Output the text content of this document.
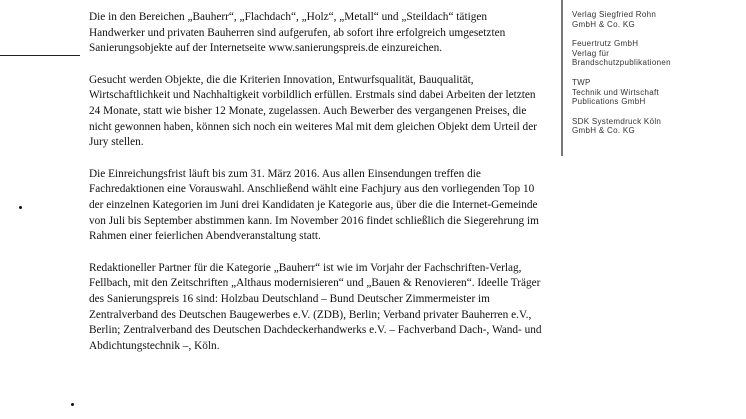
Die in den Bereichen „Bauherr“, „Flachdach“, „Holz“, „Metall“ und „Steildach“ tätigen Handwerker und privaten Bauherren sind aufgerufen, ab sofort ihre erfolgreich umgesetzten Sanierungsobjekte auf der Internetseite www.sanierungspreis.de einzureichen.

Gesucht werden Objekte, die die Kriterien Innovation, Entwurfsqualität, Bauqualität, Wirtschaftlichkeit und Nachhaltigkeit vorbildlich erfüllen. Erstmals sind dabei Arbeiten der letzten 24 Monate, statt wie bisher 12 Monate, zugelassen. Auch Bewerber des vergangenen Preises, die nicht gewonnen haben, können sich noch ein weiteres Mal mit dem gleichen Objekt dem Urteil der Jury stellen.

Die Einreichungsfrist läuft bis zum 31. März 2016. Aus allen Einsendungen treffen die Fachredaktionen eine Vorauswahl. Anschließend wählt eine Fachjury aus den vorliegenden Top 10 der einzelnen Kategorien im Juni drei Kandidaten je Kategorie aus, über die die Internet-Gemeinde von Juli bis September abstimmen kann. Im November 2016 findet schließlich die Siegerehrung im Rahmen einer feierlichen Abendveranstaltung statt.

Redaktioneller Partner für die Kategorie „Bauherr“ ist wie im Vorjahr der Fachschriften-Verlag, Fellbach, mit den Zeitschriften „Althaus modernisieren“ und „Bauen & Renovieren“. Ideelle Träger des Sanierungspreis 16 sind: Holzbau Deutschland – Bund Deutscher Zimmermeister im Zentralverband des Deutschen Baugewerbes e.V. (ZDB), Berlin; Verband privater Bauherren e.V., Berlin; Zentralverband des Deutschen Dachdeckerhandwerks e.V. – Fachverband Dach-, Wand- und Abdichtungstechnik –, Köln.

Verlag Siegfried Rohn
GmbH & Co. KG
Feuertrutz GmbH
Verlag für
Brandschutzpublikationen
TWP
Technik und Wirtschaft
Publications GmbH
SDK Systemdruck Köln
GmbH & Co. KG
